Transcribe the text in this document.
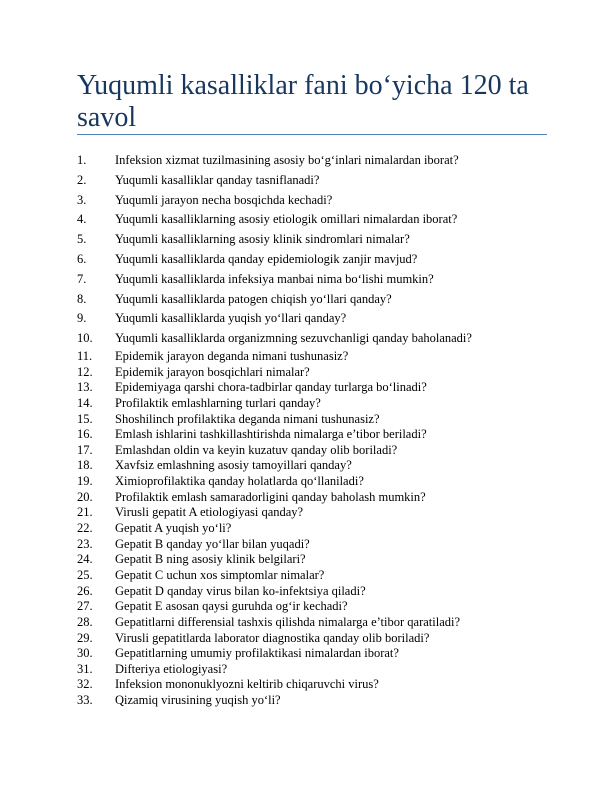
Yuqumli kasalliklar fani bo‘yicha 120 ta savol
1.	Infeksion xizmat tuzilmasining asosiy bo‘g‘inlari nimalardan iborat?
2.	Yuqumli kasalliklar qanday tasniflanadi?
3.	Yuqumli jarayon necha bosqichda kechadi?
4.	Yuqumli kasalliklarning asosiy etiologik omillari nimalardan iborat?
5.	Yuqumli kasalliklarning asosiy klinik sindromlari nimalar?
6.	Yuqumli kasalliklarda qanday epidemiologik zanjir mavjud?
7.	Yuqumli kasalliklarda infeksiya manbai nima bo‘lishi mumkin?
8.	Yuqumli kasalliklarda patogen chiqish yo‘llari qanday?
9.	Yuqumli kasalliklarda yuqish yo‘llari qanday?
10.	Yuqumli kasalliklarda organizmning sezuvchanligi qanday baholanadi?
11.	Epidemik jarayon deganda nimani tushunasiz?
12.	Epidemik jarayon bosqichlari nimalar?
13.	Epidemiyaga qarshi chora-tadbirlar qanday turlarga bo‘linadi?
14.	Profilaktik emlashlarning turlari qanday?
15.	Shoshilinch profilaktika deganda nimani tushunasiz?
16.	Emlash ishlarini tashkillashtirishda nimalarga e’tibor beriladi?
17.	Emlashdan oldin va keyin kuzatuv qanday olib boriladi?
18.	Xavfsiz emlashning asosiy tamoyillari qanday?
19.	Ximioprofilaktika qanday holatlarda qo‘llaniladi?
20.	Profilaktik emlash samaradorligini qanday baholash mumkin?
21.	Virusli gepatit A etiologiyasi qanday?
22.	Gepatit A yuqish yo‘li?
23.	Gepatit B qanday yo‘llar bilan yuqadi?
24.	Gepatit B ning asosiy klinik belgilari?
25.	Gepatit C uchun xos simptomlar nimalar?
26.	Gepatit D qanday virus bilan ko-infektsiya qiladi?
27.	Gepatit E asosan qaysi guruhda og‘ir kechadi?
28.	Gepatitlarni differensial tashxis qilishda nimalarga e’tibor qaratiladi?
29.	Virusli gepatitlarda laborator diagnostika qanday olib boriladi?
30.	Gepatitlarning umumiy profilaktikasi nimalardan iborat?
31.	Difteriya etiologiyasi?
32.	Infeksion mononuklyozni keltirib chiqaruvchi virus?
33.	Qizamiq virusining yuqish yo‘li?
